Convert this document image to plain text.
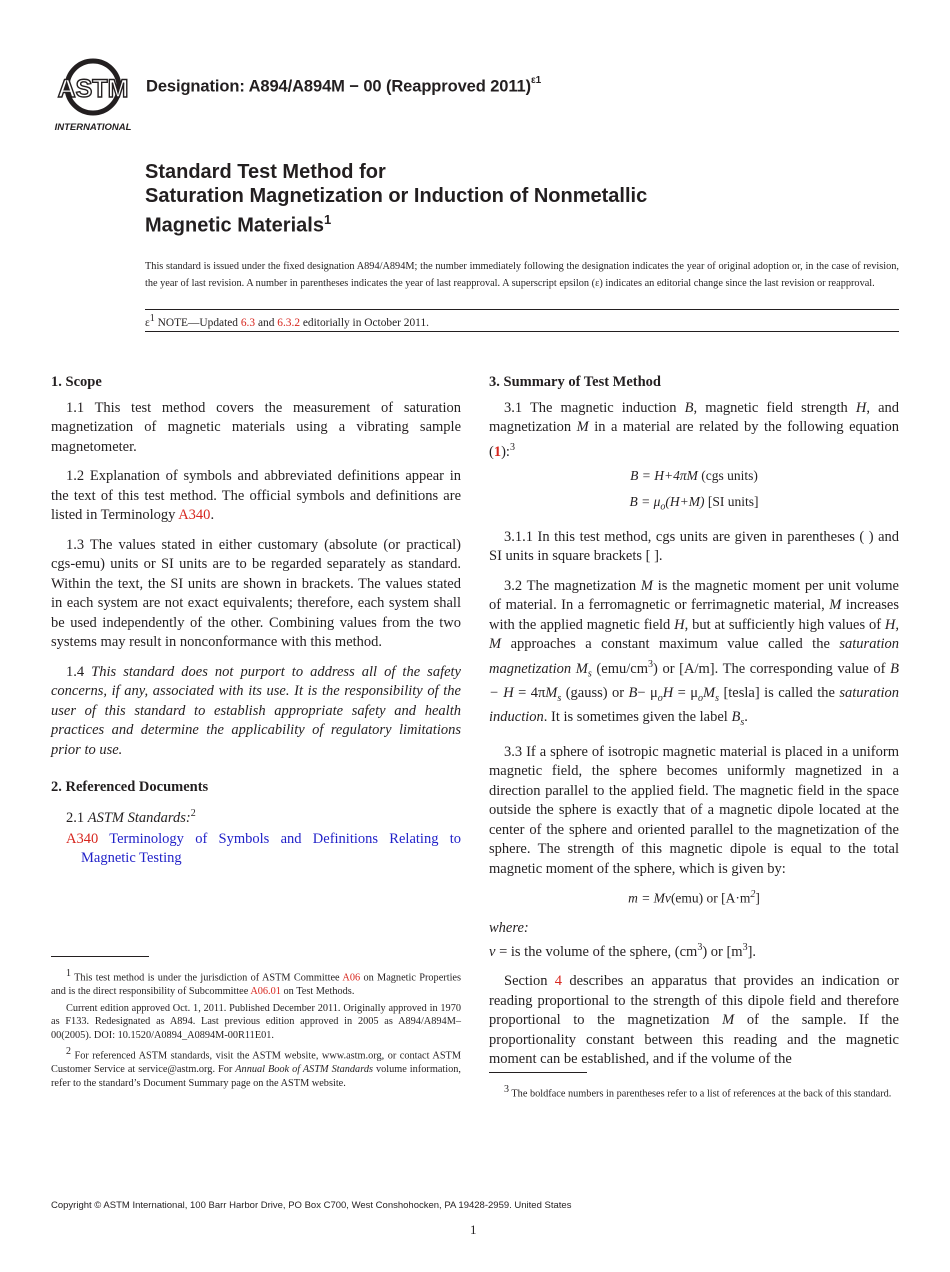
ASTM
INTERNATIONAL
Designation: A894/A894M − 00 (Reapproved 2011)$^{\varepsilon 1}$
Standard Test Method for
Saturation Magnetization or Induction of Nonmetallic
Magnetic Materials$^1$
This standard is issued under the fixed designation A894/A894M; the number immediately following the designation indicates the year of original adoption or, in the case of revision, the year of last revision. A number in parentheses indicates the year of last reapproval. A superscript epsilon (ε) indicates an editorial change since the last revision or reapproval.
$\varepsilon^1$ NOTE—Updated 6.3 and 6.3.2 editorially in October 2011.
1. Scope

1.1 This test method covers the measurement of saturation magnetization of magnetic materials using a vibrating sample magnetometer.

1.2 Explanation of symbols and abbreviated definitions appear in the text of this test method. The official symbols and definitions are listed in Terminology A340.

1.3 The values stated in either customary (absolute (or practical) cgs-emu) units or SI units are to be regarded separately as standard. Within the text, the SI units are shown in brackets. The values stated in each system are not exact equivalents; therefore, each system shall be used independently of the other. Combining values from the two systems may result in nonconformance with this method.

1.4 This standard does not purport to address all of the safety concerns, if any, associated with its use. It is the responsibility of the user of this standard to establish appropriate safety and health practices and determine the applicability of regulatory limitations prior to use.

2. Referenced Documents

2.1 ASTM Standards:$^2$

A340 Terminology of Symbols and Definitions Relating to Magnetic Testing

3. Summary of Test Method

3.1 The magnetic induction B, magnetic field strength H, and magnetization M in a material are related by the following equation (1):$^3$

B = H+4πM (cgs units)
$B = \mu_o(H+M)$ [SI units]

3.1.1 In this test method, cgs units are given in parentheses ( ) and SI units in square brackets [ ].

3.2 The magnetization M is the magnetic moment per unit volume of material. In a ferromagnetic or ferrimagnetic material, M increases with the applied magnetic field H, but at sufficiently high values of H, M approaches a constant maximum value called the saturation magnetization $M_s$ $(emu/cm^3)$ or [A/m]. The corresponding value of $B - H = 4\pi M_s$ (gauss) or $B- \mu_oH = \mu_oM_s$ [tesla] is called the saturation induction. It is sometimes given the label $B_s$.

3.3 If a sphere of isotropic magnetic material is placed in a uniform magnetic field, the sphere becomes uniformly magnetized in a direction parallel to the applied field. The magnetic field in the space outside the sphere is exactly that of a magnetic dipole located at the center of the sphere and oriented parallel to the magnetization of the sphere. The strength of this magnetic dipole is equal to the total magnetic moment of the sphere, which is given by:

m = Mv(emu) or $[A\cdot m^2]$

where:

v = is the volume of the sphere, $(cm^3)$ or $[m^3]$.

Section 4 describes an apparatus that provides an indication or reading proportional to the strength of this dipole field and therefore proportional to the magnetization M of the sample. If the proportionality constant between this reading and the magnetic moment can be established, and if the volume of the

$^1$ This test method is under the jurisdiction of ASTM Committee A06 on Magnetic Properties and is the direct responsibility of Subcommittee A06.01 on Test Methods.

Current edition approved Oct. 1, 2011. Published December 2011. Originally approved in 1970 as F133. Redesignated as A894. Last previous edition approved in 2005 as A894/A894M–00(2005). DOI: 10.1520/A0894_A0894M-00R11E01.

$^2$ For referenced ASTM standards, visit the ASTM website, www.astm.org, or contact ASTM Customer Service at service@astm.org. For Annual Book of ASTM Standards volume information, refer to the standard’s Document Summary page on the ASTM website.

$^3$ The boldface numbers in parentheses refer to a list of references at the back of this standard.

Copyright © ASTM International, 100 Barr Harbor Drive, PO Box C700, West Conshohocken, PA 19428-2959. United States
1
